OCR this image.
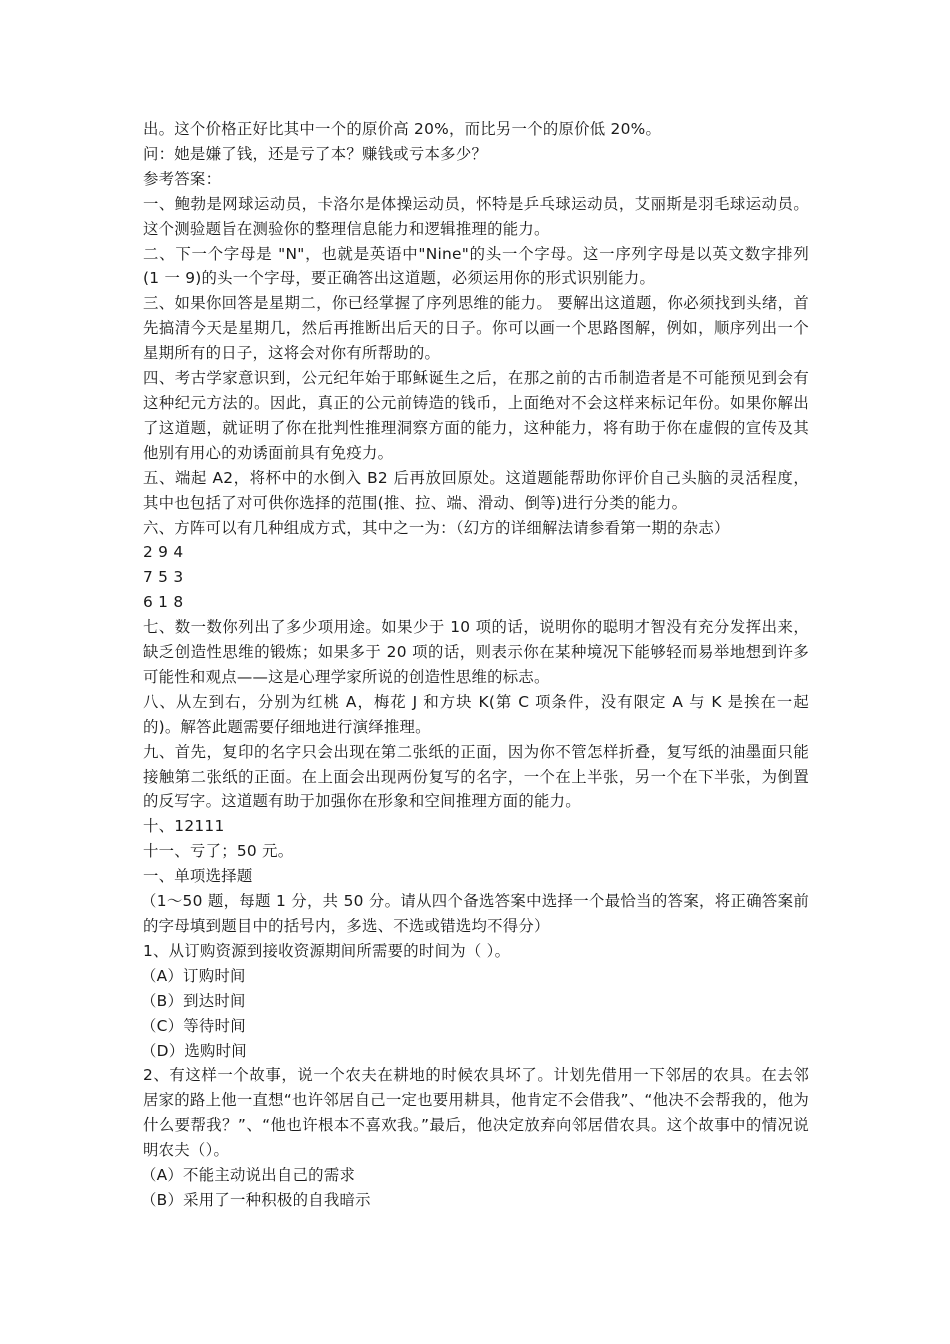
出。这个价格正好比其中一个的原价高 20%，而比另一个的原价低 20%。

问：她是嫌了钱，还是亏了本？赚钱或亏本多少？

参考答案：

一、鲍勃是网球运动员，卡洛尔是体操运动员，怀特是乒乓球运动员，艾丽斯是羽毛球运动员。这个测验题旨在测验你的整理信息能力和逻辑推理的能力。

二、下一个字母是 "N"，也就是英语中"Nine"的头一个字母。这一序列字母是以英文数字排列 (1 一 9)的头一个字母，要正确答出这道题，必须运用你的形式识别能力。

三、如果你回答是星期二，你已经掌握了序列思维的能力。 要解出这道题，你必须找到头绪，首先搞清今天是星期几，然后再推断出后天的日子。你可以画一个思路图解，例如，顺序列出一个星期所有的日子，这将会对你有所帮助的。

四、考古学家意识到，公元纪年始于耶稣诞生之后，在那之前的古币制造者是不可能预见到会有这种纪元方法的。因此，真正的公元前铸造的钱币，上面绝对不会这样来标记年份。如果你解出了这道题，就证明了你在批判性推理洞察方面的能力，这种能力，将有助于你在虚假的宣传及其他别有用心的劝诱面前具有免疫力。

五、端起 A2，将杯中的水倒入 B2 后再放回原处。这道题能帮助你评价自己头脑的灵活程度，其中也包括了对可供你选择的范围(推、拉、端、滑动、倒等)进行分类的能力。

六、方阵可以有几种组成方式，其中之一为：（幻方的详细解法请参看第一期的杂志）

2 9 4

7 5 3

6 1 8

七、数一数你列出了多少项用途。如果少于 10 项的话，说明你的聪明才智没有充分发挥出来，缺乏创造性思维的锻炼；如果多于 20 项的话，则表示你在某种境况下能够轻而易举地想到许多可能性和观点——这是心理学家所说的创造性思维的标志。

八、从左到右，分别为红桃 A，梅花 J 和方块 K(第 C 项条件，没有限定 A 与 K 是挨在一起的)。解答此题需要仔细地进行演绎推理。

九、首先，复印的名字只会出现在第二张纸的正面，因为你不管怎样折叠，复写纸的油墨面只能接触第二张纸的正面。在上面会出现两份复写的名字，一个在上半张，另一个在下半张，为倒置的反写字。这道题有助于加强你在形象和空间推理方面的能力。

十、12111

十一、亏了；50 元。

一、单项选择题

（1～50 题，每题 1 分，共 50 分。请从四个备选答案中选择一个最恰当的答案，将正确答案前的字母填到题目中的括号内，多选、不选或错选均不得分）

1、从订购资源到接收资源期间所需要的时间为（ ）。

（A）订购时间

（B）到达时间

（C）等待时间

（D）选购时间

2、有这样一个故事，说一个农夫在耕地的时候农具坏了。计划先借用一下邻居的农具。在去邻居家的路上他一直想“也许邻居自己一定也要用耕具，他肯定不会借我”、“他决不会帮我的，他为什么要帮我？”、“他也许根本不喜欢我。”最后，他决定放弃向邻居借农具。这个故事中的情况说明农夫（）。

（A）不能主动说出自己的需求

（B）采用了一种积极的自我暗示
